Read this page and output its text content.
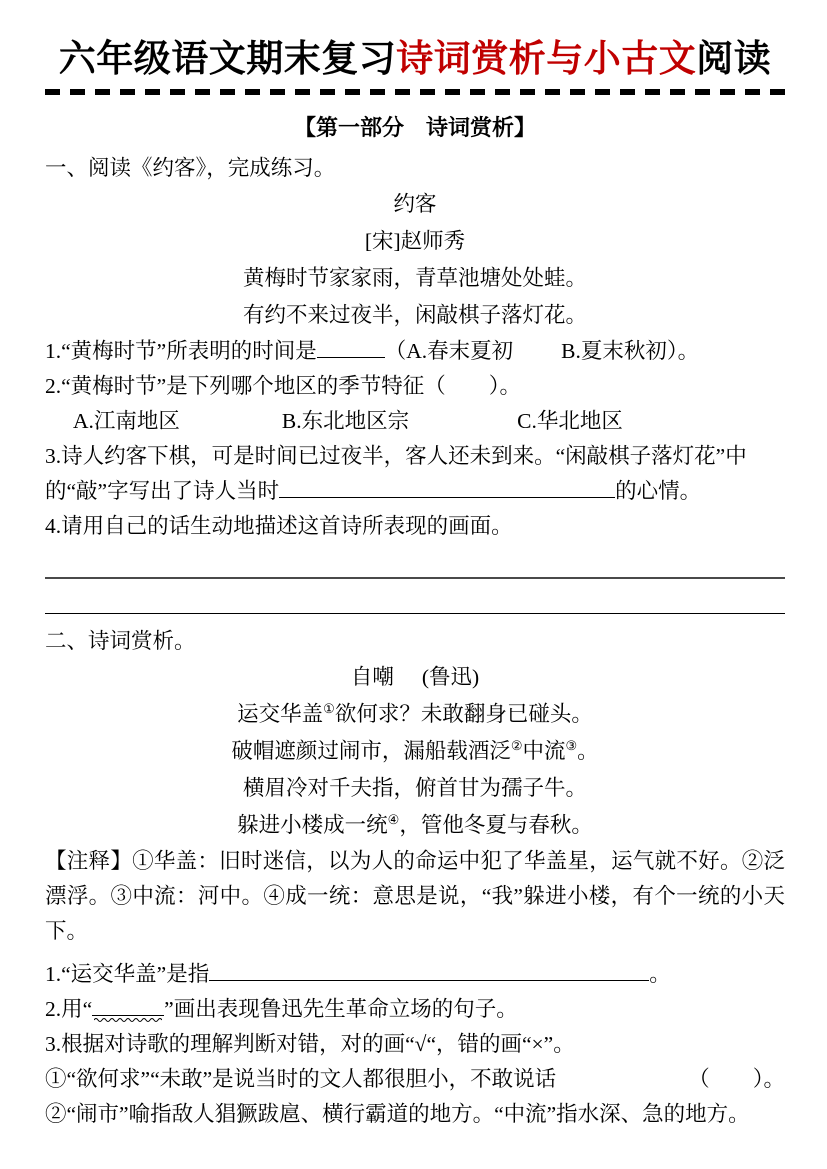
六年级语文期末复习诗词赏析与小古文阅读
【第一部分　诗词赏析】

一、阅读《约客》，完成练习。

约客

[宋]赵师秀

黄梅时节家家雨，青草池塘处处蛙。

有约不来过夜半，闲敲棋子落灯花。

1.“黄梅时节”所表明的时间是	（A.春末夏初 B.夏末秋初）。

2.“黄梅时节”是下列哪个地区的季节特征（　　）。

A.江南地区	B.东北地区宗	C.华北地区

3.诗人约客下棋，可是时间已过夜半，客人还未到来。“闲敲棋子落灯花”中的“敲”字写出了诗人当时	的心情。

4.请用自己的话生动地描述这首诗所表现的画面。

二、诗词赏析。

自嘲 (鲁迅)

运交华盖①欲何求？未敢翻身已碰头。

破帽遮颜过闹市，漏船载酒泛②中流③。

横眉冷对千夫指，俯首甘为孺子牛。

躲进小楼成一统④，管他冬夏与春秋。

【注释】①华盖：旧时迷信，以为人的命运中犯了华盖星，运气就不好。②泛漂浮。③中流：河中。④成一统：意思是说，“我”躲进小楼，有个一统的小天下。

1.“运交华盖”是指	。

2.用“	”画出表现鲁迅先生革命立场的句子。

3.根据对诗歌的理解判断对错，对的画“√“，错的画“×”。

①“欲何求”“未敢”是说当时的文人都很胆小，不敢说话	（　　）。

②“闹市”喻指敌人猖獗跋扈、横行霸道的地方。“中流”指水深、急的地方。
